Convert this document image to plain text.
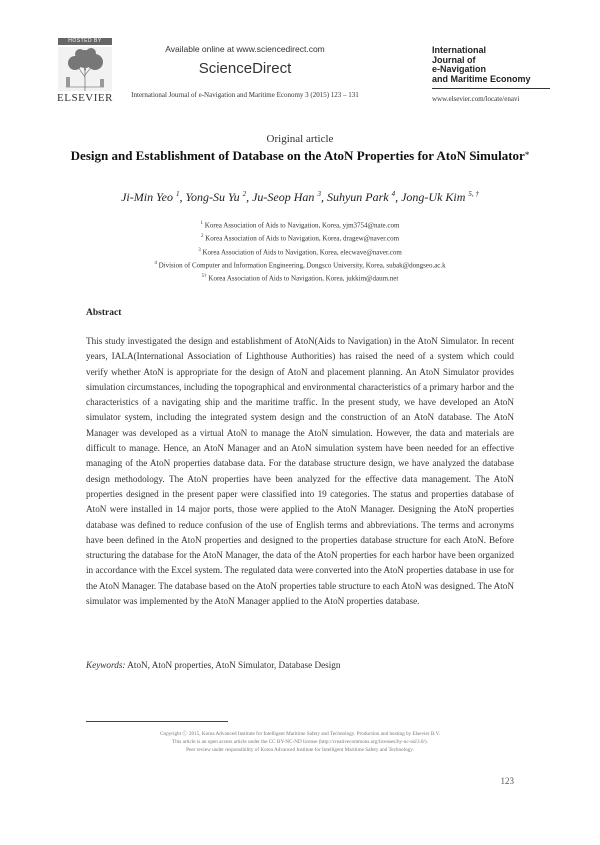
HOSTED BY
ELSEVIER
Available online at www.sciencedirect.com
ScienceDirect
International Journal of e-Navigation and Maritime Economy 3 (2015) 123 – 131
International
Journal of
e-Navigation
and Maritime Economy
www.elsevier.com/locate/enavi
Original article
Design and Establishment of Database on the AtoN Properties for AtoN Simulator*
Ji-Min Yeo $^1$, Yong-Su Yu $^2$, Ju-Seop Han $^3$, Suhyun Park $^4$, Jong-Uk Kim $^{5, \dagger}$
$^1$ Korea Association of Aids to Navigation, Korea, yjm3754@nate.com
$^2$ Korea Association of Aids to Navigation, Korea, dragew@naver.com
$^3$ Korea Association of Aids to Navigation, Korea, elecwave@naver.com
$^4$ Division of Computer and Information Engineering, Dongsco University, Korea, subak@dongseo.ac.k
$^{5\dagger}$ Korea Association of Aids to Navigation, Korea, jukkim@daum.net
Abstract
This study investigated the design and establishment of AtoN(Aids to Navigation) in the AtoN Simulator. In recent years, IALA(International Association of Lighthouse Authorities) has raised the need of a system which could verify whether AtoN is appropriate for the design of AtoN and placement planning. An AtoN Simulator provides simulation circumstances, including the topographical and environmental characteristics of a primary harbor and the characteristics of a navigating ship and the maritime traffic. In the present study, we have developed an AtoN simulator system, including the integrated system design and the construction of an AtoN database. The AtoN Manager was developed as a virtual AtoN to manage the AtoN simulation. However, the data and materials are difficult to manage. Hence, an AtoN Manager and an AtoN simulation system have been needed for an effective managing of the AtoN properties database data. For the database structure design, we have analyzed the database design methodology. The AtoN properties have been analyzed for the effective data management. The AtoN properties designed in the present paper were classified into 19 categories. The status and properties database of AtoN were installed in 14 major ports, those were applied to the AtoN Manager. Designing the AtoN properties database was defined to reduce confusion of the use of English terms and abbreviations. The terms and acronyms have been defined in the AtoN properties and designed to the properties database structure for each AtoN. Before structuring the database for the AtoN Manager, the data of the AtoN properties for each harbor have been organized in accordance with the Excel system. The regulated data were converted into the AtoN properties database in use for the AtoN Manager. The database based on the AtoN properties table structure to each AtoN was designed. The AtoN simulator was implemented by the AtoN Manager applied to the AtoN properties database.
Keywords: AtoN, AtoN properties, AtoN Simulator, Database Design
Copyright Ⓒ 2015, Korea Advanced Institute for Intelligent Maritime Safety and Technology. Production and hosting by Elsevier B.V.
This article is an open access article under the CC BY-NC-ND license (http://creativecommons.org/licenses/by-nc-nd/3.0/).
Peer review under responsibility of Korea Advanced Institute for Intelligent Maritime Safety and Technology.
123
